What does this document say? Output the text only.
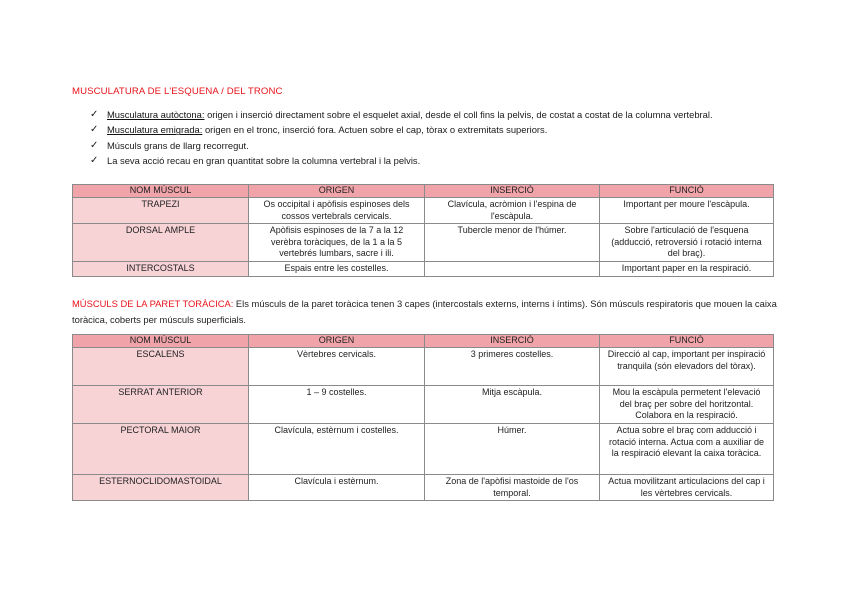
MUSCULATURA DE L'ESQUENA / DEL TRONC
✓ Musculatura autòctona: origen i inserció directament sobre el esquelet axial, desde el coll fins la pelvis, de costat a costat de la columna vertebral.
✓ Musculatura emigrada: origen en el tronc, inserció fora. Actuen sobre el cap, tòrax o extremitats superiors.
✓ Músculs grans de llarg recorregut.
✓ La seva acció recau en gran quantitat sobre la columna vertebral i la pelvis.
NOM MÚSCUL	ORIGEN	INSERCIÓ	FUNCIÓ
TRAPEZI	Os occipital i apòfisis espinoses dels cossos vertebrals cervicals.	Clavícula, acròmion i l'espina de l'escàpula.	Important per moure l'escàpula.
DORSAL AMPLE	Apòfisis espinoses de la 7 a la 12 verèbra toràciques, de la 1 a la 5 vertebrés lumbars, sacre i ili.	Tubercle menor de l'húmer.	Sobre l'articulació de l'esquena (adducció, retroversió i rotació interna del braç).
INTERCOSTALS	Espais entre les costelles.		Important paper en la respiració.
MÚSCULS DE LA PARET TORÀCICA: Els músculs de la paret toràcica tenen 3 capes (intercostals externs, interns i íntims). Són músculs respiratoris que mouen la caixa toràcica, coberts per músculs superficials.
NOM MÚSCUL	ORIGEN	INSERCIÓ	FUNCIÓ
ESCALENS	Vèrtebres cervicals.	3 primeres costelles.	Direcció al cap, important per inspiració tranquila (són elevadors del tòrax).
SERRAT ANTERIOR	1 – 9 costelles.	Mitja escàpula.	Mou la escàpula permetent l'elevació del braç per sobre del horitzontal. Colabora en la respiració.
PECTORAL MAIOR	Clavícula, estèrnum i costelles.	Húmer.	Actua sobre el braç com adducció i rotació interna. Actua com a auxiliar de la respiració elevant la caixa toràcica.
ESTERNOCLIDOMASTOIDAL	Clavícula i estèrnum.	Zona de l'apòfisi mastoide de l'os temporal.	Actua movilitzant articulacions del cap i les vèrtebres cervicals.
